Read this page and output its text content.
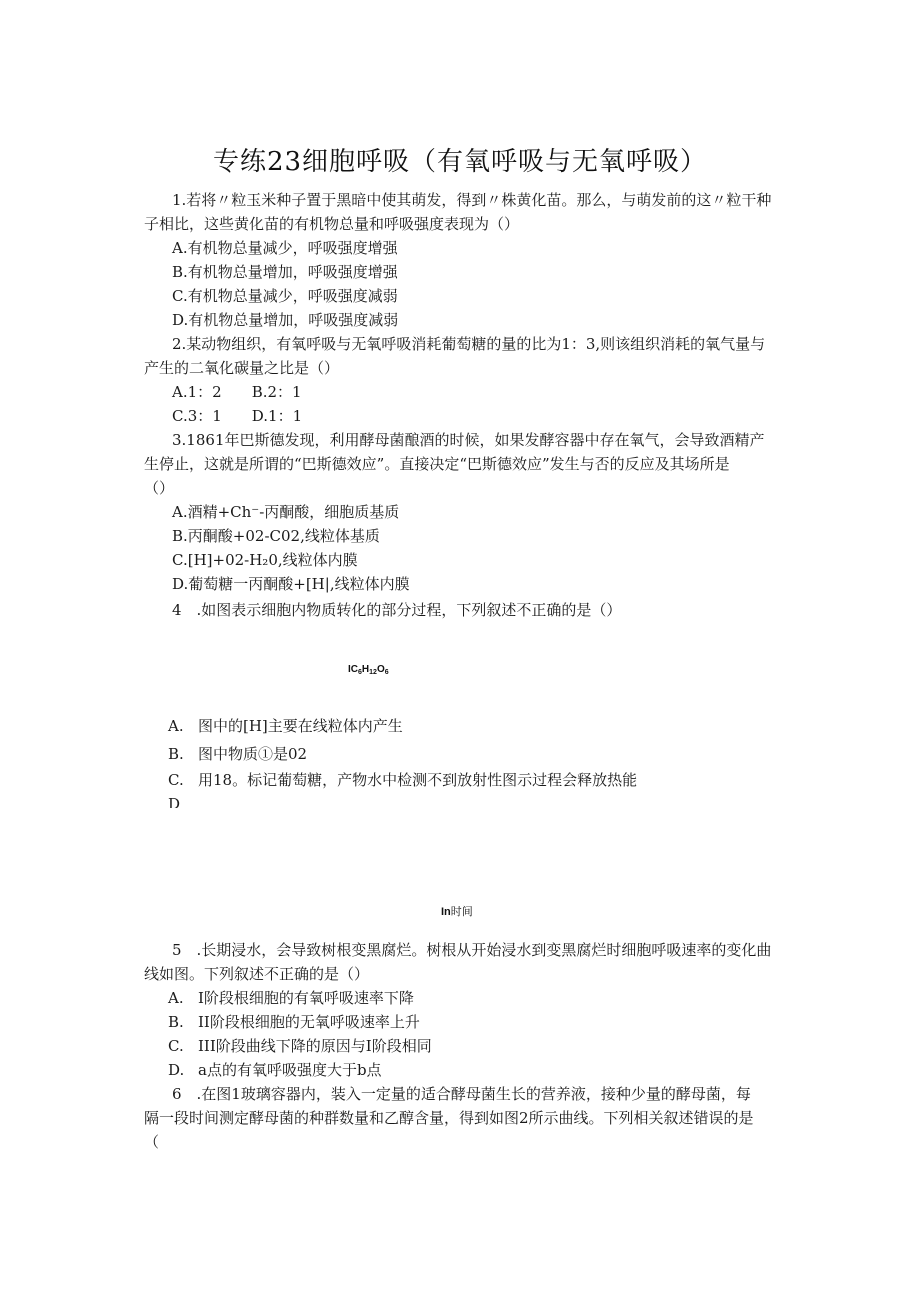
专练23细胞呼吸（有氧呼吸与无氧呼吸）
1.若将〃粒玉米种子置于黑暗中使其萌发，得到〃株黄化苗。那么，与萌发前的这〃粒干种
子相比，这些黄化苗的有机物总量和呼吸强度表现为（）
A.有机物总量减少，呼吸强度增强
B.有机物总量增加，呼吸强度增强
C.有机物总量减少，呼吸强度减弱
D.有机物总量增加，呼吸强度减弱
2.某动物组织，有氧呼吸与无氧呼吸消耗葡萄糖的量的比为1：3,则该组织消耗的氧气量与
产生的二氧化碳量之比是（）
A.1：2　　B.2：1
C.3：1　　D.1：1
3.1861年巴斯德发现，利用酵母菌酿酒的时候，如果发酵容器中存在氧气，会导致酒精产
生停止，这就是所谓的“巴斯德效应”。直接决定“巴斯德效应”发生与否的反应及其场所是
（）
A.酒精+Ch⁻-丙酮酸，细胞质基质
B.丙酮酸+02-C02,线粒体基质
C.[H]+02-H₂0,线粒体内膜
D.葡萄糖一丙酮酸+[H|,线粒体内膜
4　.如图表示细胞内物质转化的部分过程，下列叙述不正确的是（）
$IC_6H_{12}O_6$
A. 图中的[H]主要在线粒体内产生
B. 图中物质①是02
C. 用18。标记葡萄糖，产物水中检测不到放射性图示过程会释放热能
D
In时间
5　.长期浸水，会导致树根变黑腐烂。树根从开始浸水到变黑腐烂时细胞呼吸速率的变化曲
线如图。下列叙述不正确的是（）
A. I阶段根细胞的有氧呼吸速率下降
B. II阶段根细胞的无氧呼吸速率上升
C. III阶段曲线下降的原因与I阶段相同
D. a点的有氧呼吸强度大于b点
6　.在图1玻璃容器内，装入一定量的适合酵母菌生长的营养液，接种少量的酵母菌，每
隔一段时间测定酵母菌的种群数量和乙醇含量，得到如图2所示曲线。下列相关叙述错误的是
（
